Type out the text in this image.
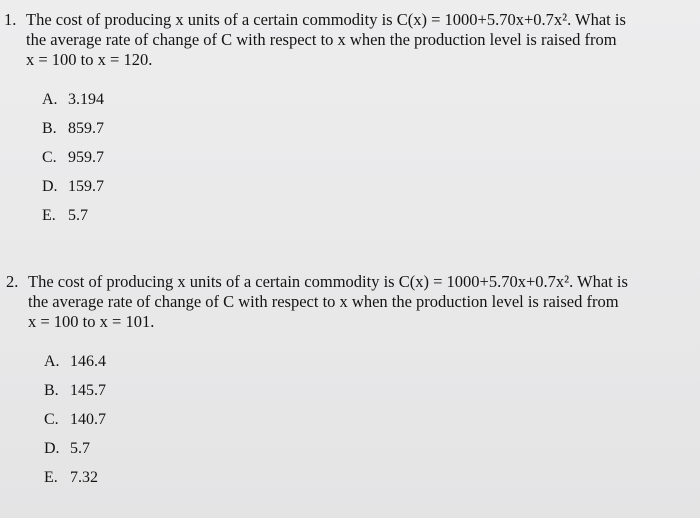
1. The cost of producing x units of a certain commodity is C(x) = 1000+5.70x+0.7x². What is
the average rate of change of C with respect to x when the production level is raised from
x = 100 to x = 120.
A. 3.194
B. 859.7
C. 959.7
D. 159.7
E. 5.7
2. The cost of producing x units of a certain commodity is C(x) = 1000+5.70x+0.7x². What is
the average rate of change of C with respect to x when the production level is raised from
x = 100 to x = 101.
A. 146.4
B. 145.7
C. 140.7
D. 5.7
E. 7.32
